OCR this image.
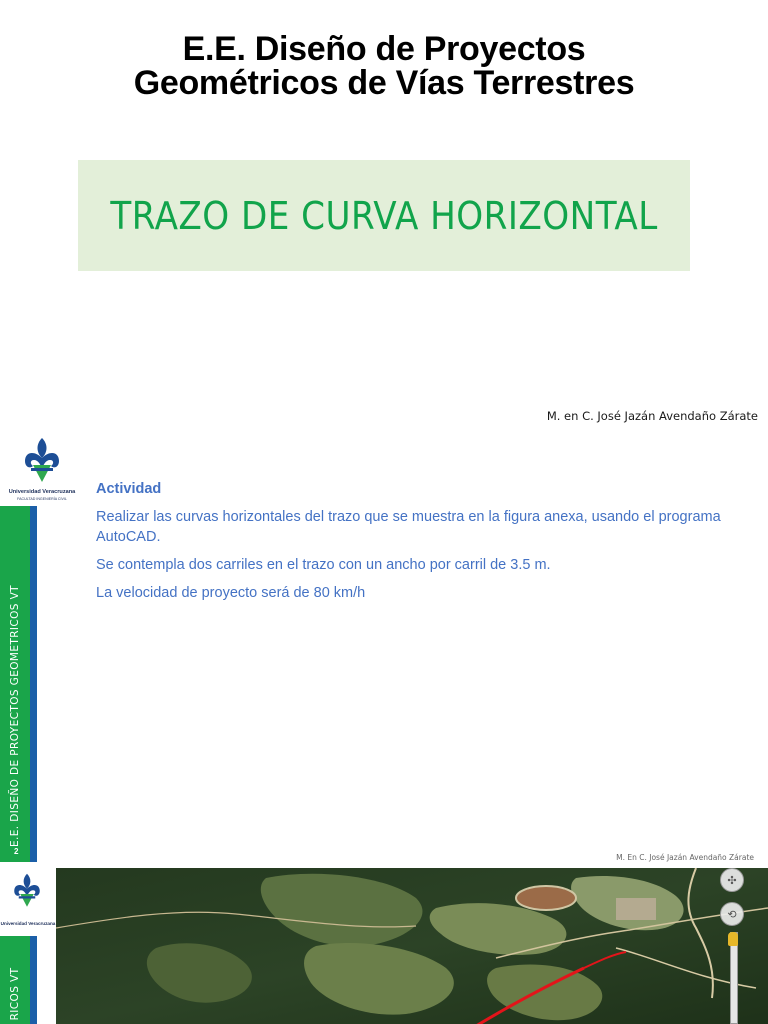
E.E. Diseño de Proyectos
Geométricos de Vías Terrestres
TRAZO DE CURVA HORIZONTAL
M. en C. José Jazán Avendaño Zárate
Universidad Veracruzana
FACULTAD INGENIERÍA CIVIL
E.E. DISEÑO DE PROYECTOS GEOMETRICOS VT
2
Actividad
Realizar las curvas horizontales del trazo que se muestra en la figura anexa, usando el programa AutoCAD.
Se contempla dos carriles en el trazo con un ancho por carril de 3.5 m.
La velocidad de proyecto será de 80 km/h
M. En C. José Jazán Avendaño Zárate
Universidad Veracruzana
RICOS VT
✣
⟲
